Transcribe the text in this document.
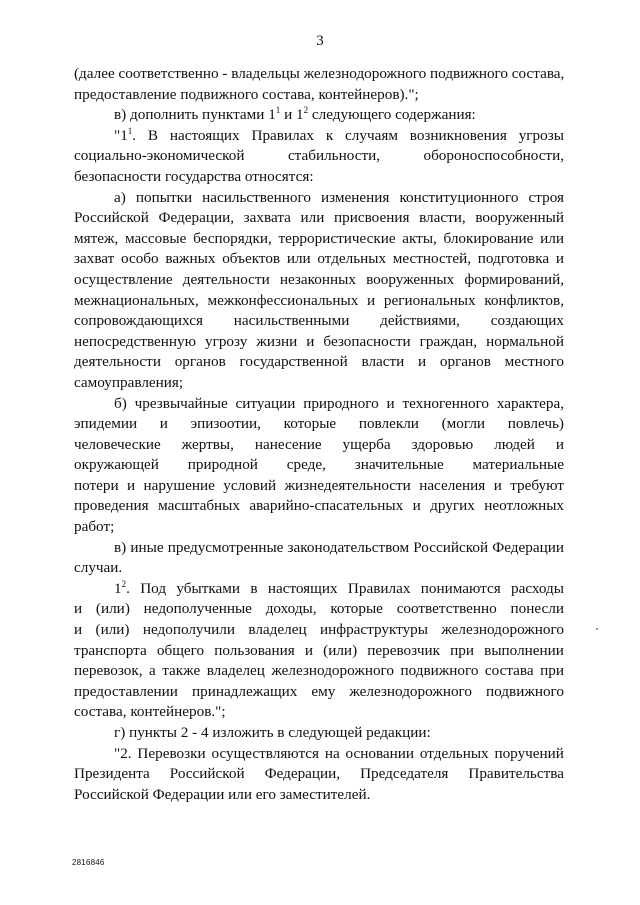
3
(далее соответственно - владельцы железнодорожного подвижного состава,
предоставление подвижного состава, контейнеров).";
в) дополнить пунктами $1^1$ и $1^2$ следующего содержания:
"$1^1$. В настоящих Правилах к случаям возникновения угрозы
социально-экономической	стабильности,	обороноспособности,
безопасности государства относятся:
а) попытки насильственного изменения конституционного строя
Российской Федерации, захвата или присвоения власти, вооруженный
мятеж, массовые беспорядки, террористические акты, блокирование или
захват особо важных объектов или отдельных местностей, подготовка и
осуществление деятельности незаконных вооруженных формирований,
межнациональных, межконфессиональных и региональных конфликтов,
сопровождающихся насильственными действиями, создающих
непосредственную угрозу жизни и безопасности граждан, нормальной
деятельности органов государственной власти и органов местного
самоуправления;
б) чрезвычайные ситуации природного и техногенного характера,
эпидемии и эпизоотии, которые повлекли (могли повлечь)
человеческие жертвы, нанесение ущерба здоровью людей и
окружающей природной среде, значительные материальные
потери и нарушение условий жизнедеятельности населения и требуют
проведения масштабных аварийно-спасательных и других неотложных
работ;
в) иные предусмотренные законодательством Российской Федерации
случаи.
$1^2$. Под убытками в настоящих Правилах понимаются расходы
и (или) недополученные доходы, которые соответственно понесли
и (или) недополучили владелец инфраструктуры железнодорожного
транспорта общего пользования и (или) перевозчик при выполнении
перевозок, а также владелец железнодорожного подвижного состава при
предоставлении принадлежащих ему железнодорожного подвижного
состава, контейнеров.";
г) пункты 2 - 4 изложить в следующей редакции:
"2. Перевозки осуществляются на основании отдельных поручений
Президента Российской Федерации, Председателя Правительства
Российской Федерации или его заместителей.
2816846
